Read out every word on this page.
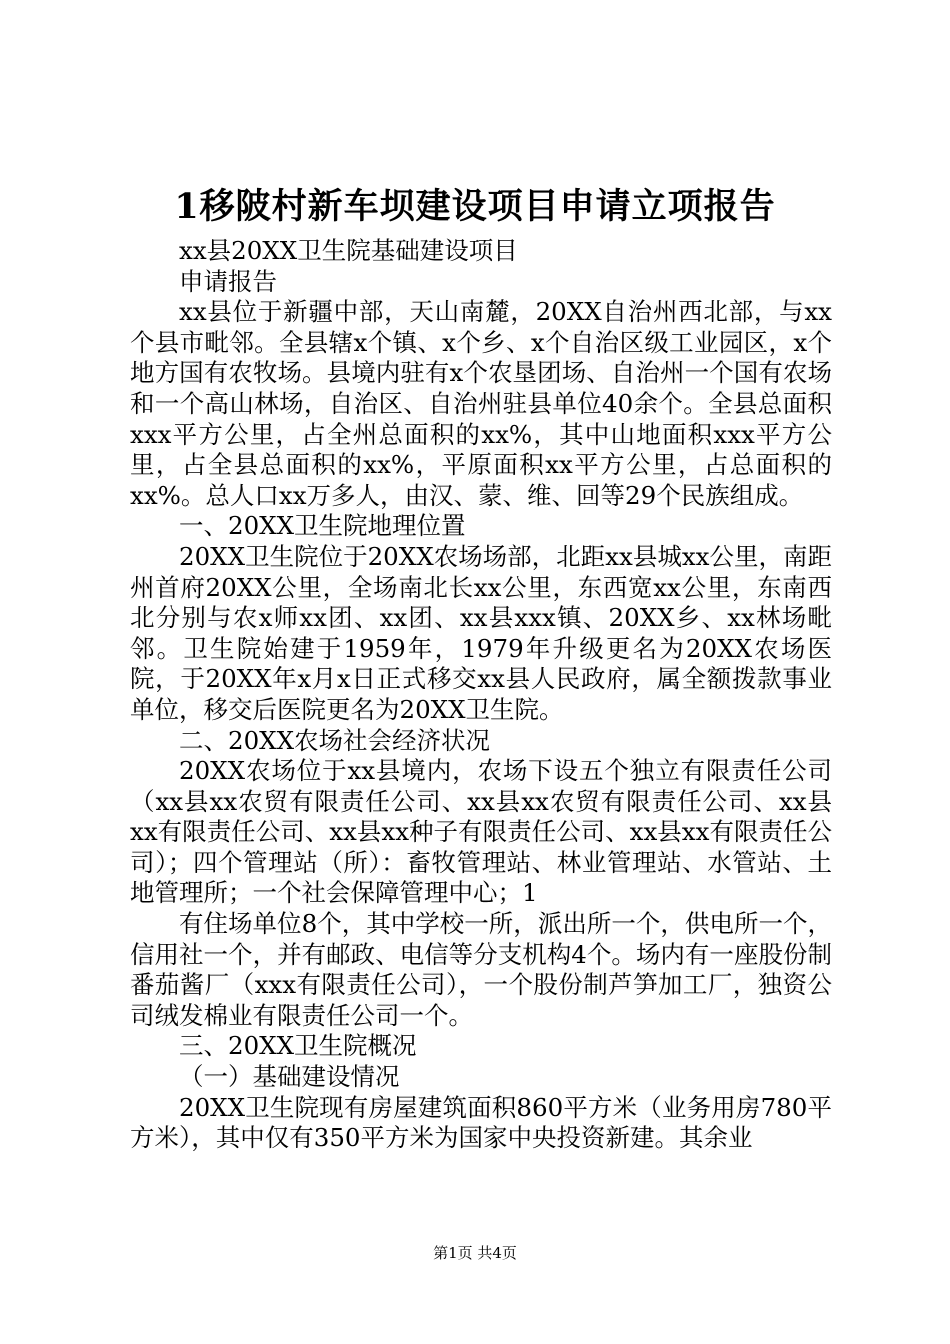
1移陂村新车坝建设项目申请立项报告

xx县20XX卫生院基础建设项目

申请报告

xx县位于新疆中部，天山南麓，20XX自治州西北部，与xx个县市毗邻。全县辖x个镇、x个乡、x个自治区级工业园区，x个地方国有农牧场。县境内驻有x个农垦团场、自治州一个国有农场和一个高山林场，自治区、自治州驻县单位40余个。全县总面积xxx平方公里，占全州总面积的xx%，其中山地面积xxx平方公里，占全县总面积的xx%，平原面积xx平方公里，占总面积的xx%。总人口xx万多人，由汉、蒙、维、回等29个民族组成。

一、20XX卫生院地理位置

20XX卫生院位于20XX农场场部，北距xx县城xx公里，南距州首府20XX公里，全场南北长xx公里，东西宽xx公里，东南西北分别与农x师xx团、xx团、xx县xxx镇、20XX乡、xx林场毗邻。卫生院始建于1959年，1979年升级更名为20XX农场医院，于20XX年x月x日正式移交xx县人民政府，属全额拨款事业单位，移交后医院更名为20XX卫生院。

二、20XX农场社会经济状况

20XX农场位于xx县境内，农场下设五个独立有限责任公司（xx县xx农贸有限责任公司、xx县xx农贸有限责任公司、xx县xx有限责任公司、xx县xx种子有限责任公司、xx县xx有限责任公司）；四个管理站（所）：畜牧管理站、林业管理站、水管站、土地管理所；一个社会保障管理中心；1

有住场单位8个，其中学校一所，派出所一个，供电所一个，信用社一个，并有邮政、电信等分支机构4个。场内有一座股份制番茄酱厂（xxx有限责任公司），一个股份制芦笋加工厂，独资公司绒发棉业有限责任公司一个。

三、20XX卫生院概况

（一）基础建设情况

20XX卫生院现有房屋建筑面积860平方米（业务用房780平方米），其中仅有350平方米为国家中央投资新建。其余业

第1页 共4页
